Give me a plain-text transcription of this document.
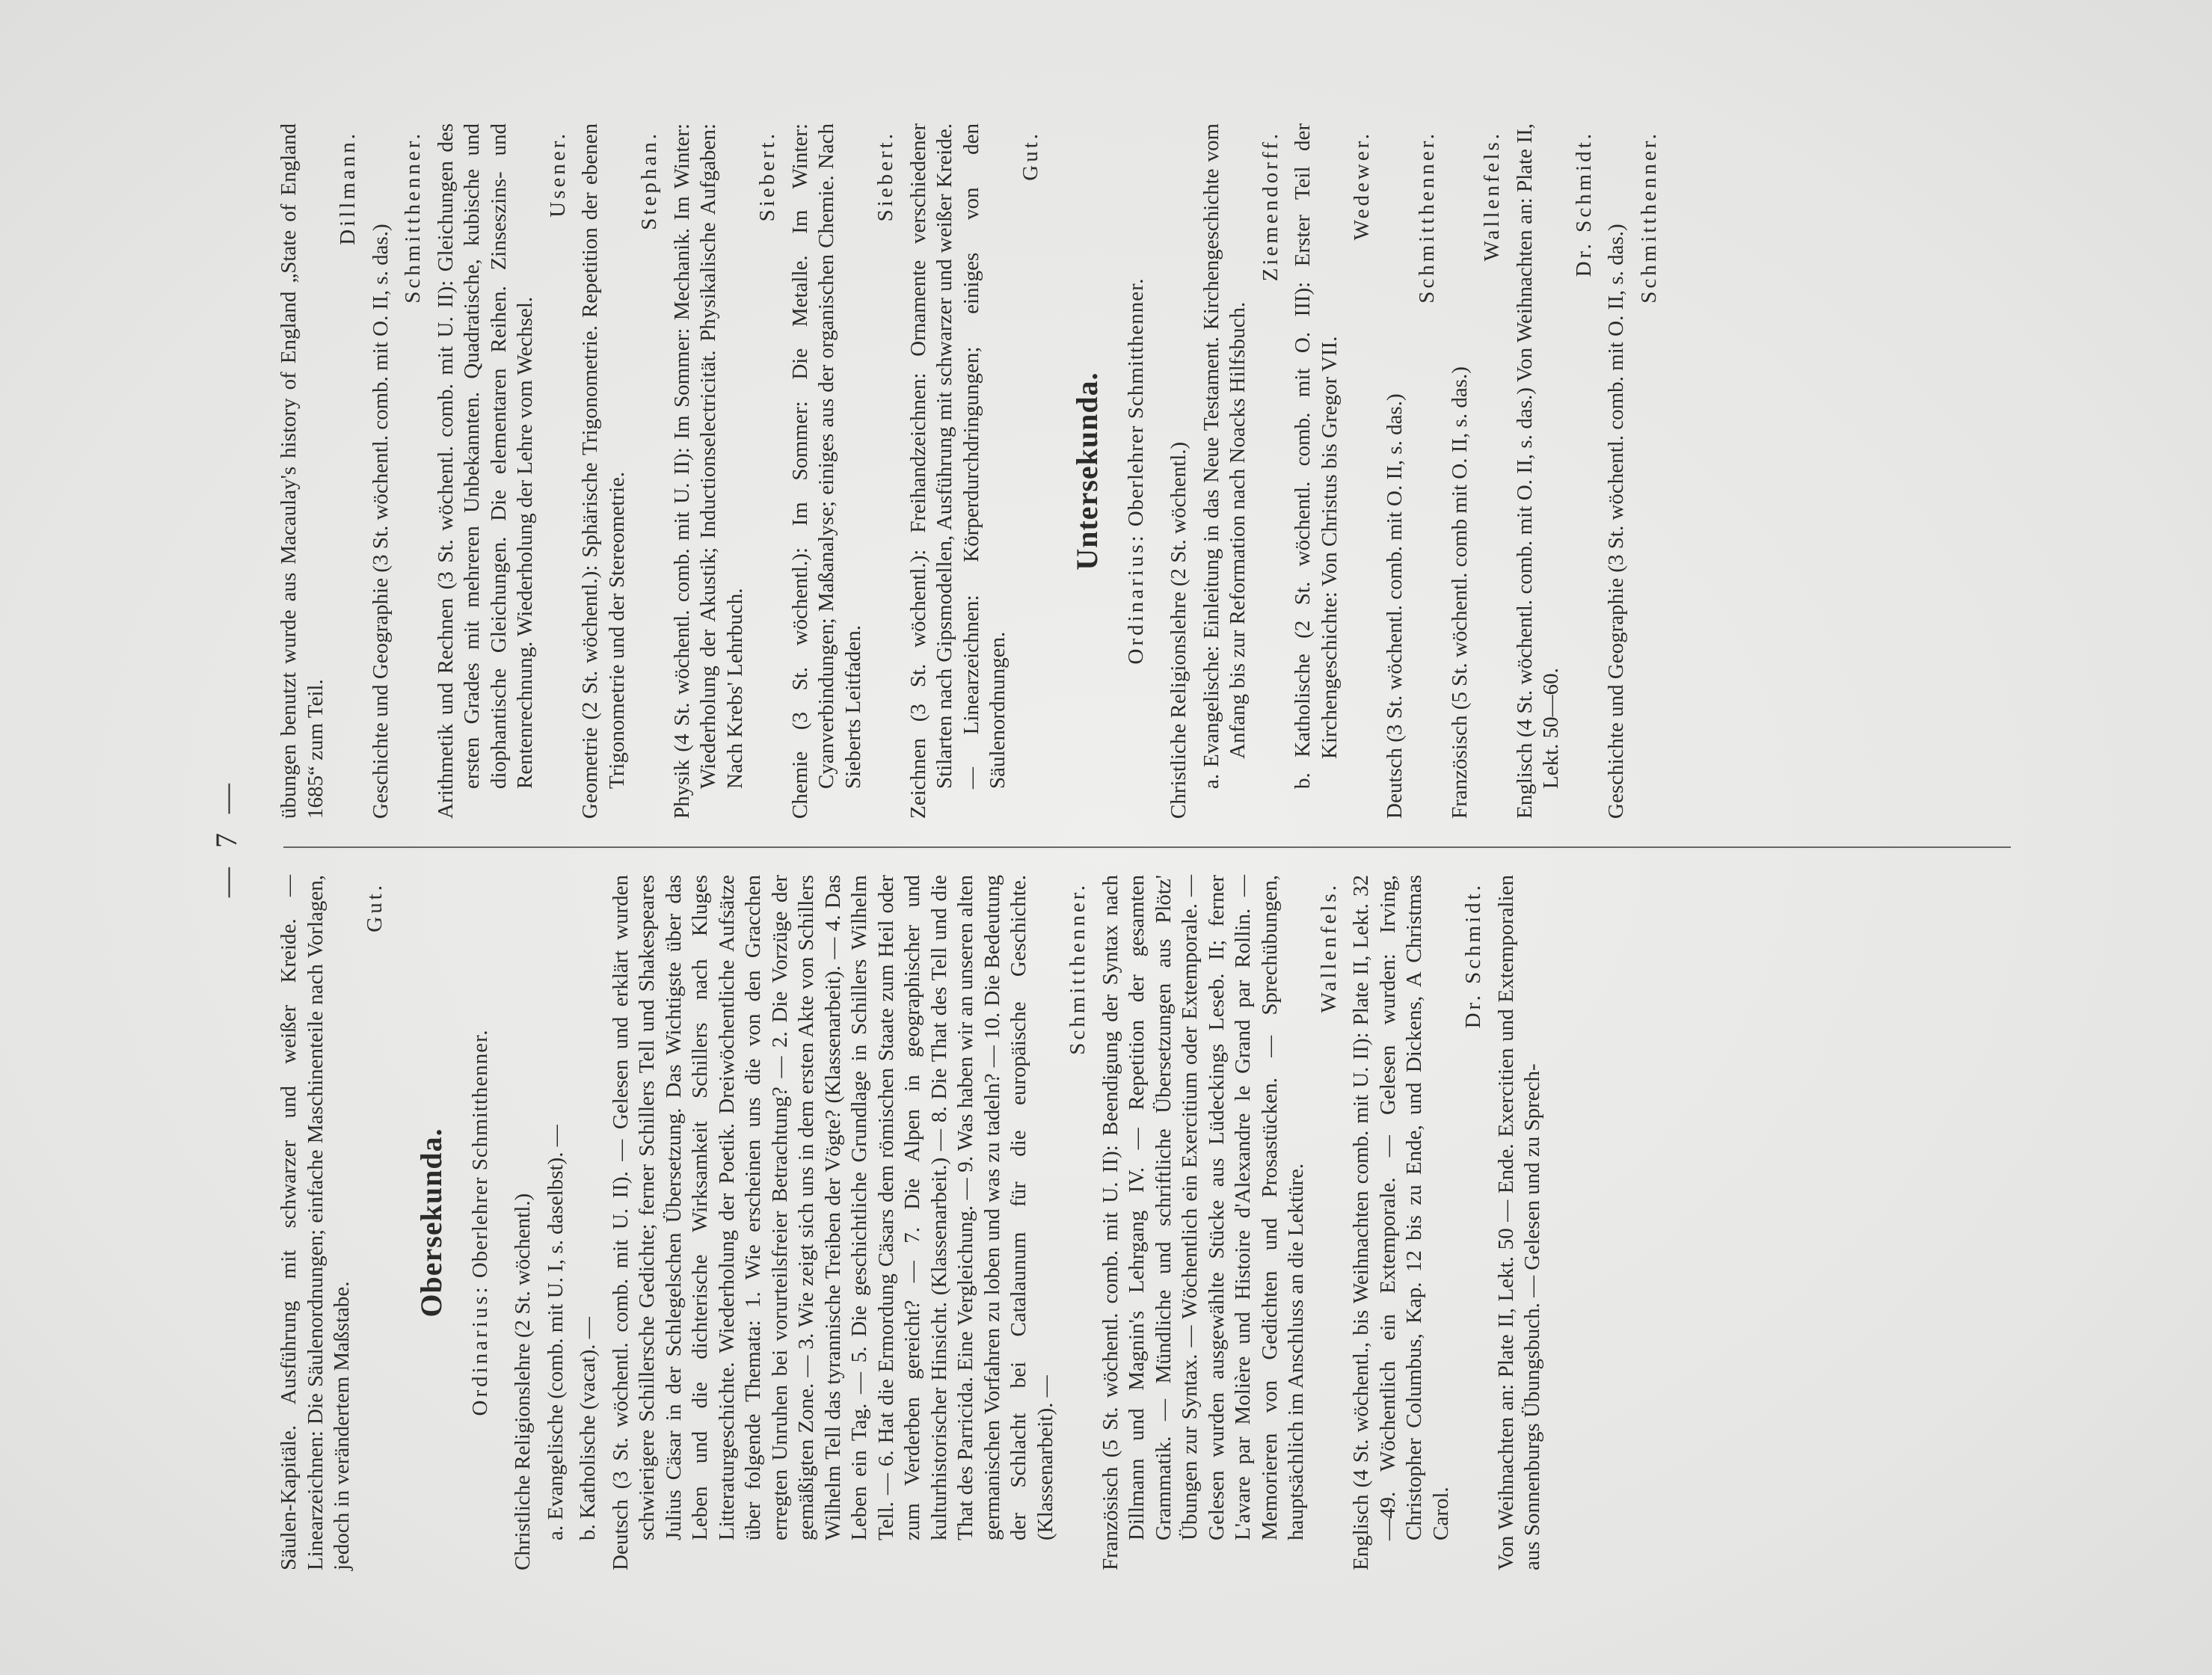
— 7 —

Säulen-Kapitäle. Ausführung mit schwarzer und weißer Kreide. — Linearzeichnen: Die Säulenordnungen; einfache Maschinenteile nach Vorlagen, jedoch in verändertem Maßstabe.

Gut.

Obersekunda.

Ordinarius: Oberlehrer Schmitthenner.

Christliche Religionslehre (2 St. wöchentl.) a. Evangelische (comb. mit U. I, s. daselbst). — b. Katholische (vacat). — Deutsch (3 St. wöchentl. comb. mit U. II). — Gelesen und erklärt wurden schwierigere Schillersche Gedichte; ferner Schillers Tell und Shakespeares Julius Cäsar in der Schlegelschen Übersetzung. Das Wichtigste über das Leben und die dichterische Wirksamkeit Schillers nach Kluges Litteraturgeschichte. Wiederholung der Poetik. Dreiwöchentliche Aufsätze über folgende Themata: 1. Wie erscheinen uns die von den Gracchen erregten Unruhen bei vorurteilsfreier Betrachtung? — 2. Die Vorzüge der gemäßigten Zone. — 3. Wie zeigt sich uns in dem ersten Akte von Schillers Wilhelm Tell das tyrannische Treiben der Vögte? (Klassenarbeit). — 4. Das Leben ein Tag. — 5. Die geschichtliche Grundlage in Schillers Wilhelm Tell. — 6. Hat die Ermordung Cäsars dem römischen Staate zum Heil oder zum Verderben gereicht? — 7. Die Alpen in geographischer und kulturhistorischer Hinsicht. (Klassenarbeit.) — 8. Die That des Tell und die That des Parricida. Eine Vergleichung. — 9. Was haben wir an unseren alten germanischen Vorfahren zu loben und was zu tadeln? — 10. Die Bedeutung der Schlacht bei Catalaunum für die europäische Geschichte. (Klassenarbeit). —

Schmitthenner. Französisch (5 St. wöchentl. comb. mit U. II): Beendigung der Syntax nach Dillmann und Magnin's Lehrgang IV. — Repetition der gesamten Grammatik. — Mündliche und schriftliche Übersetzungen aus Plötz' Übungen zur Syntax. — Wöchentlich ein Exercitium oder Extemporale. — Gelesen wurden ausgewählte Stücke aus Lüdeckings Leseb. II; ferner L'avare par Molière und Histoire d'Alexandre le Grand par Rollin. — Memorieren von Gedichten und Prosastücken. — Sprechübungen, hauptsächlich im Anschluss an die Lektüre.

Wallenfels. Englisch (4 St. wöchentl., bis Weihnachten comb. mit U. II): Plate II, Lekt. 32—49. Wöchentlich ein Extemporale. — Gelesen wurden: Irving, Christopher Columbus, Kap. 12 bis zu Ende, und Dickens, A Christmas Carol.

Dr. Schmidt. Von Weihnachten an: Plate II, Lekt. 50 — Ende. Exercitien und Extemporalien aus Sonnenburgs Übungsbuch. — Gelesen und zu Sprech-

übungen benutzt wurde aus Macaulay's history of England „State of England 1685“ zum Teil.

Dillmann.

Geschichte und Geographie (3 St. wöchentl. comb. mit O. II, s. das.)

Schmitthenner. Arithmetik und Rechnen (3 St. wöchentl. comb. mit U. II): Gleichungen des ersten Grades mit mehreren Unbekannten. Quadratische, kubische und diophantische Gleichungen. Die elementaren Reihen. Zinseszins- und Rentenrechnung. Wiederholung der Lehre vom Wechsel.

Usener. Geometrie (2 St. wöchentl.): Sphärische Trigonometrie. Repetition der ebenen Trigonometrie und der Stereometrie.

Stephan. Physik (4 St. wöchentl. comb. mit U. II): Im Sommer: Mechanik. Im Winter: Wiederholung der Akustik; Inductionselectricität. Physikalische Aufgaben: Nach Krebs' Lehrbuch.

Siebert. Chemie (3 St. wöchentl.): Im Sommer: Die Metalle. Im Winter: Cyanverbindungen; Maßanalyse; einiges aus der organischen Chemie. Nach Sieberts Leitfaden.

Siebert. Zeichnen (3 St. wöchentl.): Freihandzeichnen: Ornamente verschiedener Stilarten nach Gipsmodellen, Ausführung mit schwarzer und weißer Kreide. — Linearzeichnen: Körperdurchdringungen; einiges von den Säulenordnungen.

Gut.

Untersekunda.

Ordinarius: Oberlehrer Schmitthenner.

Christliche Religionslehre (2 St. wöchentl.) a. Evangelische: Einleitung in das Neue Testament. Kirchengeschichte vom Anfang bis zur Reformation nach Noacks Hilfsbuch.

Ziemendorff. b. Katholische (2 St. wöchentl. comb. mit O. III): Erster Teil der Kirchengeschichte: Von Christus bis Gregor VII.

Wedewer.

Deutsch (3 St. wöchentl. comb. mit O. II, s. das.)

Schmitthenner.

Französisch (5 St. wöchentl. comb mit O. II, s. das.)

Wallenfels. Englisch (4 St. wöchentl. comb. mit O. II, s. das.) Von Weihnachten an: Plate II, Lekt. 50—60.

Dr. Schmidt.

Geschichte und Geographie (3 St. wöchentl. comb. mit O. II, s. das.)

Schmitthenner.
